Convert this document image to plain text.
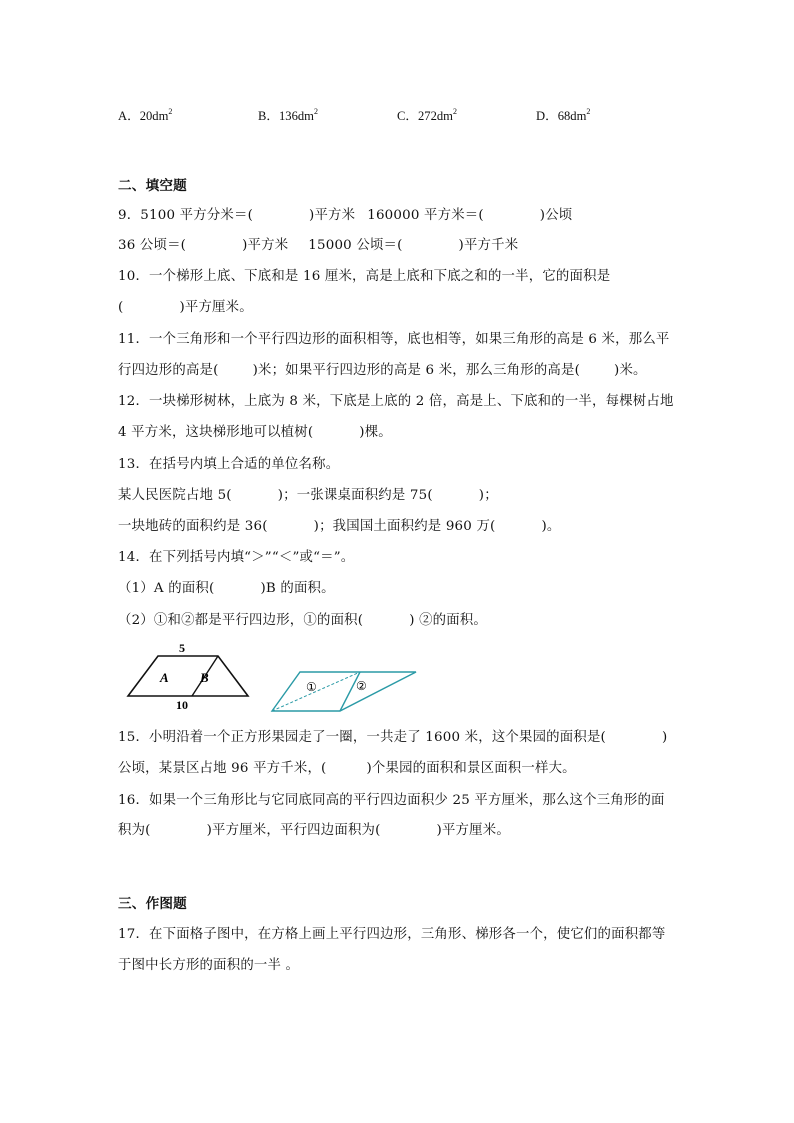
A．$20dm^2$	B．$136dm^2$	C．$272dm^2$	D．$68dm^2$
二、填空题
9．5100 平方分米＝(	)平方米 160000 平方米＝(	)公顷
36 公顷＝(	)平方米 15000 公顷＝(	)平方千米
10．一个梯形上底、下底和是 16 厘米，高是上底和下底之和的一半，它的面积是
(	)平方厘米。
11．一个三角形和一个平行四边形的面积相等，底也相等，如果三角形的高是 6 米，那么平
行四边形的高是(	)米；如果平行四边形的高是 6 米，那么三角形的高是(	)米。
12．一块梯形树林，上底为 8 米，下底是上底的 2 倍，高是上、下底和的一半，每棵树占地
4 平方米，这块梯形地可以植树(	)棵。
13．在括号内填上合适的单位名称。
某人民医院占地 5(	)；一张课桌面积约是 75(	)；
一块地砖的面积约是 36(	)；我国国土面积约是 960 万(	)。
14．在下列括号内填“＞”“＜”或“＝”。
（1）A 的面积(	)B 的面积。
（2）①和②都是平行四边形，①的面积(	) ②的面积。
5
10
A B
①	②
15．小明沿着一个正方形果园走了一圈，一共走了 1600 米，这个果园的面积是(	)
公顷，某景区占地 96 平方千米，(	)个果园的面积和景区面积一样大。
16．如果一个三角形比与它同底同高的平行四边面积少 25 平方厘米，那么这个三角形的面
积为(	)平方厘米，平行四边面积为(	)平方厘米。
三、作图题
17．在下面格子图中，在方格上画上平行四边形，三角形、梯形各一个，使它们的面积都等
于图中长方形的面积的一半 。
